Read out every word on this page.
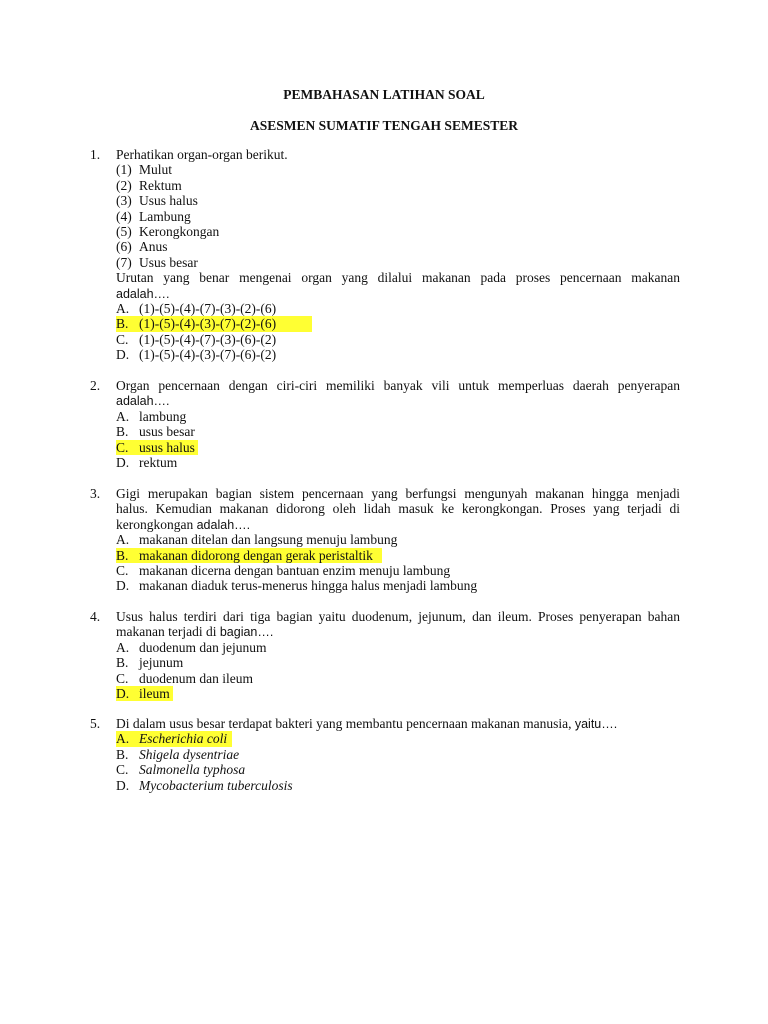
PEMBAHASAN LATIHAN SOAL
ASESMEN SUMATIF TENGAH SEMESTER
1. Perhatikan organ-organ berikut.
(1) Mulut
(2) Rektum
(3) Usus halus
(4) Lambung
(5) Kerongkongan
(6) Anus
(7) Usus besar
Urutan yang benar mengenai organ yang dilalui makanan pada proses pencernaan makanan
adalah….
A. (1)-(5)-(4)-(7)-(3)-(2)-(6)
B. (1)-(5)-(4)-(3)-(7)-(2)-(6)
C. (1)-(5)-(4)-(7)-(3)-(6)-(2)
D. (1)-(5)-(4)-(3)-(7)-(6)-(2)
2. Organ pencernaan dengan ciri-ciri memiliki banyak vili untuk memperluas daerah penyerapan
adalah….
A. lambung
B. usus besar
C. usus halus
D. rektum
3. Gigi merupakan bagian sistem pencernaan yang berfungsi mengunyah makanan hingga menjadi
halus. Kemudian makanan didorong oleh lidah masuk ke kerongkongan. Proses yang terjadi di
kerongkongan adalah….
A. makanan ditelan dan langsung menuju lambung
B. makanan didorong dengan gerak peristaltik
C. makanan dicerna dengan bantuan enzim menuju lambung
D. makanan diaduk terus-menerus hingga halus menjadi lambung
4. Usus halus terdiri dari tiga bagian yaitu duodenum, jejunum, dan ileum. Proses penyerapan bahan
makanan terjadi di bagian….
A. duodenum dan jejunum
B. jejunum
C. duodenum dan ileum
D. ileum
5. Di dalam usus besar terdapat bakteri yang membantu pencernaan makanan manusia, yaitu….
A. Escherichia coli
B. Shigela dysentriae
C. Salmonella typhosa
D. Mycobacterium tuberculosis
